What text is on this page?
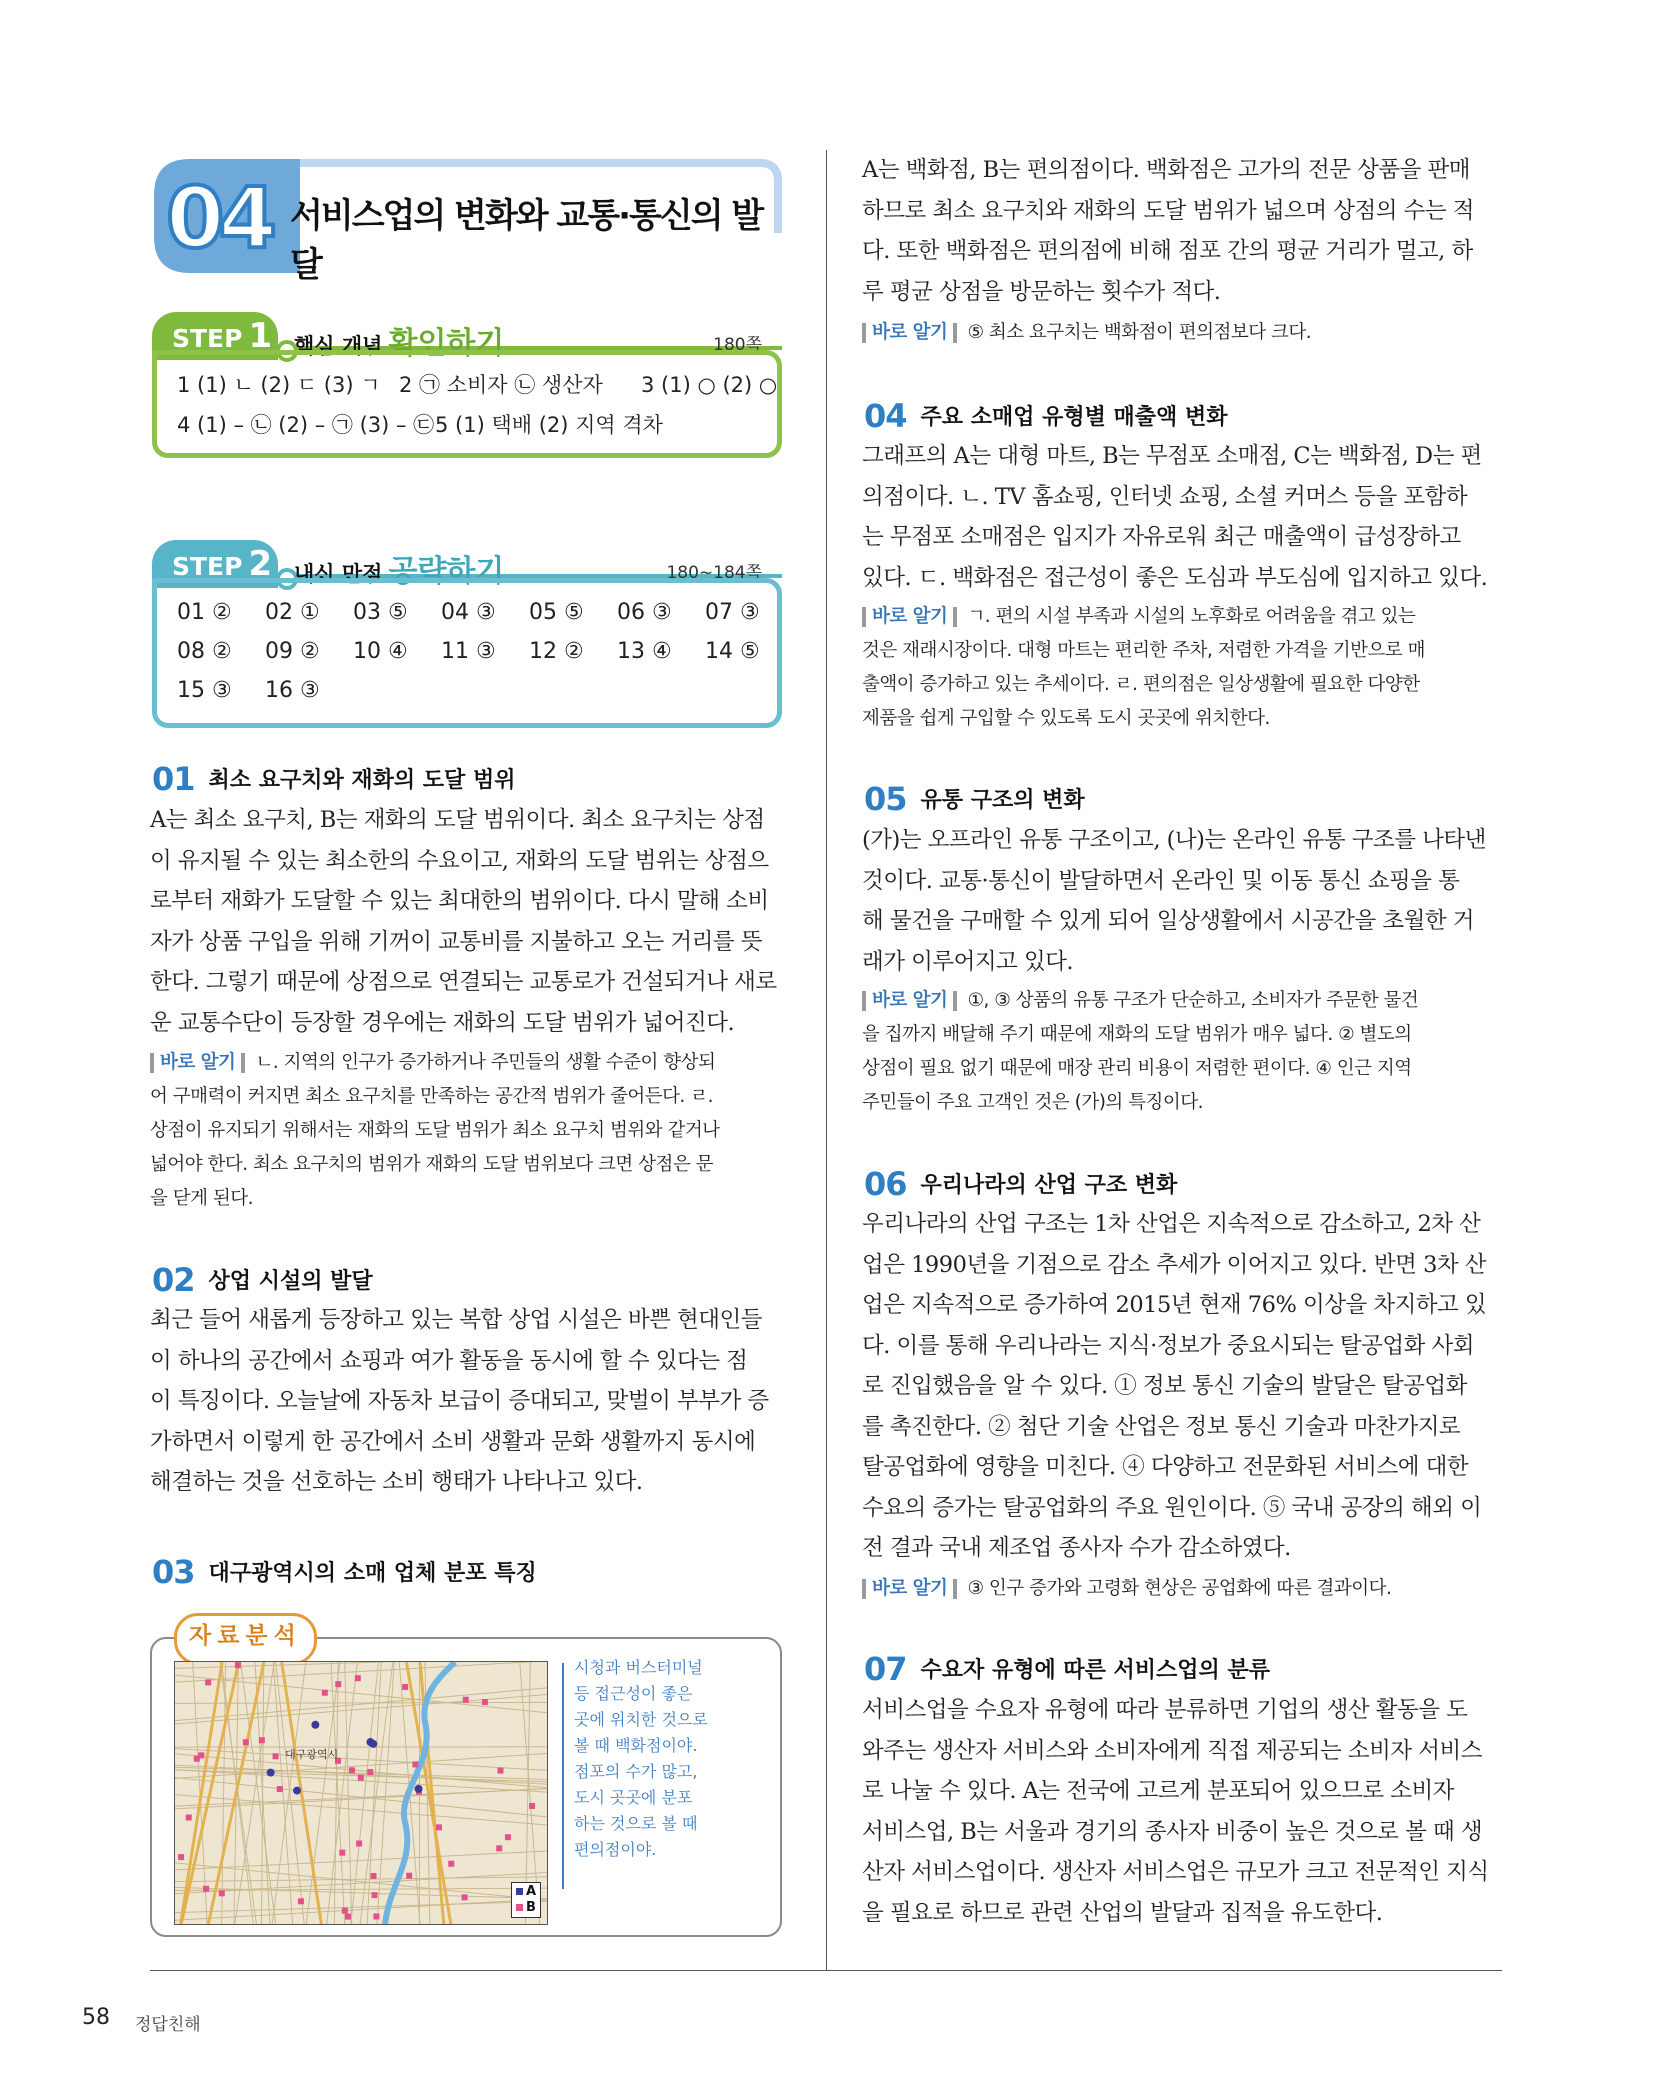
04 서비스업의 변화와 교통·통신의 발달
STEP 1 핵심 개념 확인하기	180쪽
1 (1) ㄴ (2) ㄷ (3) ㄱ 2 ㉠ 소비자 ㉡ 생산자 3 (1) ○ (2) ○
4 (1) – ㉡ (2) – ㉠ (3) – ㉢5 (1) 택배 (2) 지역 격차
STEP 2 내신 만점 공략하기	180~184쪽
01 ②	02 ①	03 ⑤	04 ③	05 ⑤	06 ③	07 ③
08 ②	09 ②	10 ④	11 ③	12 ②	13 ④	14 ⑤
15 ③	16 ③
01 최소 요구치와 재화의 도달 범위
A는 최소 요구치, B는 재화의 도달 범위이다. 최소 요구치는 상점
이 유지될 수 있는 최소한의 수요이고, 재화의 도달 범위는 상점으
로부터 재화가 도달할 수 있는 최대한의 범위이다. 다시 말해 소비
자가 상품 구입을 위해 기꺼이 교통비를 지불하고 오는 거리를 뜻
한다. 그렇기 때문에 상점으로 연결되는 교통로가 건설되거나 새로
운 교통수단이 등장할 경우에는 재화의 도달 범위가 넓어진다.
바로 알기 ㄴ. 지역의 인구가 증가하거나 주민들의 생활 수준이 향상되
어 구매력이 커지면 최소 요구치를 만족하는 공간적 범위가 줄어든다. ㄹ.
상점이 유지되기 위해서는 재화의 도달 범위가 최소 요구치 범위와 같거나
넓어야 한다. 최소 요구치의 범위가 재화의 도달 범위보다 크면 상점은 문
을 닫게 된다.
02 상업 시설의 발달
최근 들어 새롭게 등장하고 있는 복합 상업 시설은 바쁜 현대인들
이 하나의 공간에서 쇼핑과 여가 활동을 동시에 할 수 있다는 점
이 특징이다. 오늘날에 자동차 보급이 증대되고, 맞벌이 부부가 증
가하면서 이렇게 한 공간에서 소비 생활과 문화 생활까지 동시에
해결하는 것을 선호하는 소비 행태가 나타나고 있다.
03 대구광역시의 소매 업체 분포 특징
자료분석
대구광역시
A
B
시청과 버스터미널
등 접근성이 좋은
곳에 위치한 것으로
볼 때 백화점이야.
점포의 수가 많고,
도시 곳곳에 분포
하는 것으로 볼 때
편의점이야.
A는 백화점, B는 편의점이다. 백화점은 고가의 전문 상품을 판매
하므로 최소 요구치와 재화의 도달 범위가 넓으며 상점의 수는 적
다. 또한 백화점은 편의점에 비해 점포 간의 평균 거리가 멀고, 하
루 평균 상점을 방문하는 횟수가 적다.
바로 알기 ⑤ 최소 요구치는 백화점이 편의점보다 크다.
04 주요 소매업 유형별 매출액 변화
그래프의 A는 대형 마트, B는 무점포 소매점, C는 백화점, D는 편
의점이다. ㄴ. TV 홈쇼핑, 인터넷 쇼핑, 소셜 커머스 등을 포함하
는 무점포 소매점은 입지가 자유로워 최근 매출액이 급성장하고
있다. ㄷ. 백화점은 접근성이 좋은 도심과 부도심에 입지하고 있다.
바로 알기 ㄱ. 편의 시설 부족과 시설의 노후화로 어려움을 겪고 있는
것은 재래시장이다. 대형 마트는 편리한 주차, 저렴한 가격을 기반으로 매
출액이 증가하고 있는 추세이다. ㄹ. 편의점은 일상생활에 필요한 다양한
제품을 쉽게 구입할 수 있도록 도시 곳곳에 위치한다.
05 유통 구조의 변화
(가)는 오프라인 유통 구조이고, (나)는 온라인 유통 구조를 나타낸
것이다. 교통·통신이 발달하면서 온라인 및 이동 통신 쇼핑을 통
해 물건을 구매할 수 있게 되어 일상생활에서 시공간을 초월한 거
래가 이루어지고 있다.
바로 알기 ①, ③ 상품의 유통 구조가 단순하고, 소비자가 주문한 물건
을 집까지 배달해 주기 때문에 재화의 도달 범위가 매우 넓다. ② 별도의
상점이 필요 없기 때문에 매장 관리 비용이 저렴한 편이다. ④ 인근 지역
주민들이 주요 고객인 것은 (가)의 특징이다.
06 우리나라의 산업 구조 변화
우리나라의 산업 구조는 1차 산업은 지속적으로 감소하고, 2차 산
업은 1990년을 기점으로 감소 추세가 이어지고 있다. 반면 3차 산
업은 지속적으로 증가하여 2015년 현재 76% 이상을 차지하고 있
다. 이를 통해 우리나라는 지식·정보가 중요시되는 탈공업화 사회
로 진입했음을 알 수 있다. ① 정보 통신 기술의 발달은 탈공업화
를 촉진한다. ② 첨단 기술 산업은 정보 통신 기술과 마찬가지로
탈공업화에 영향을 미친다. ④ 다양하고 전문화된 서비스에 대한
수요의 증가는 탈공업화의 주요 원인이다. ⑤ 국내 공장의 해외 이
전 결과 국내 제조업 종사자 수가 감소하였다.
바로 알기 ③ 인구 증가와 고령화 현상은 공업화에 따른 결과이다.
07 수요자 유형에 따른 서비스업의 분류
서비스업을 수요자 유형에 따라 분류하면 기업의 생산 활동을 도
와주는 생산자 서비스와 소비자에게 직접 제공되는 소비자 서비스
로 나눌 수 있다. A는 전국에 고르게 분포되어 있으므로 소비자
서비스업, B는 서울과 경기의 종사자 비중이 높은 것으로 볼 때 생
산자 서비스업이다. 생산자 서비스업은 규모가 크고 전문적인 지식
을 필요로 하므로 관련 산업의 발달과 집적을 유도한다.
58 정답친해
